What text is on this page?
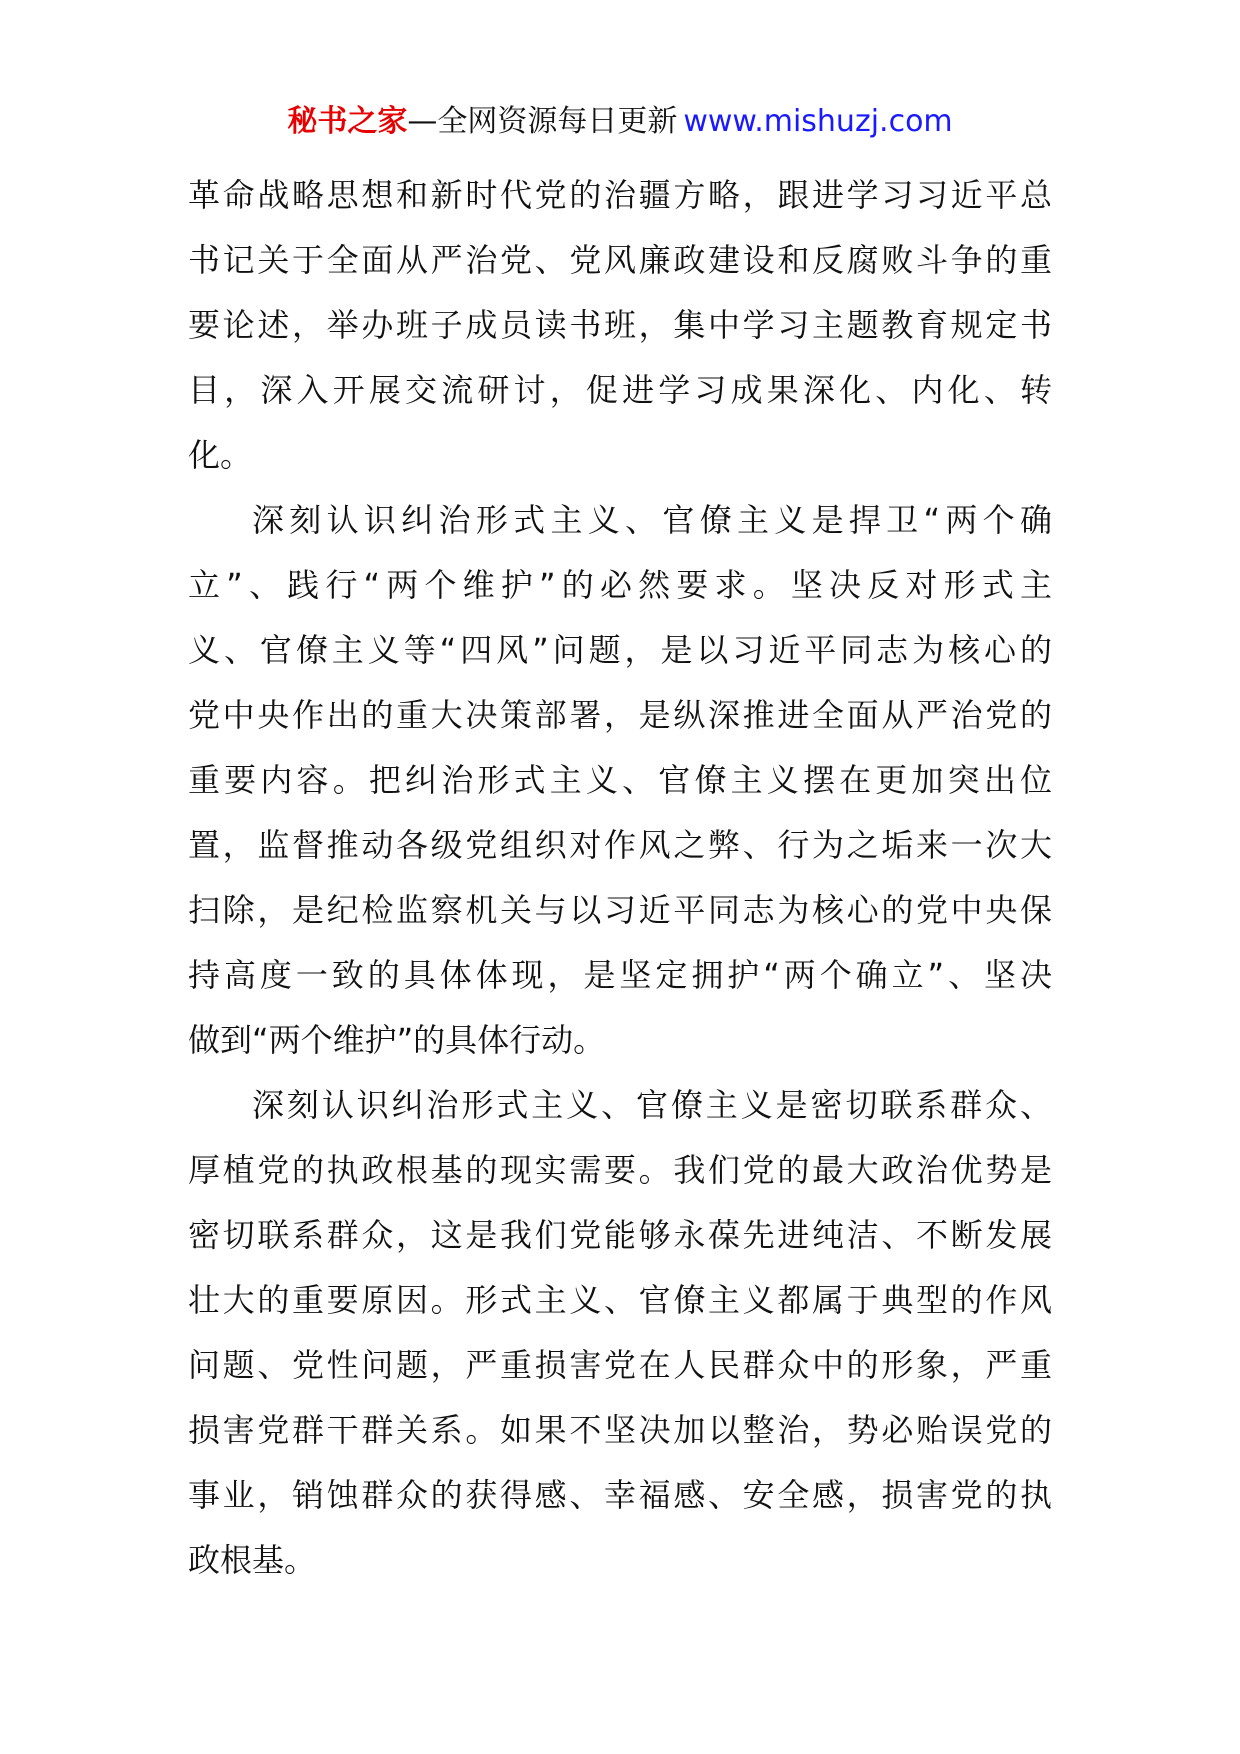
秘书之家—全网资源每日更新 www.mishuzj.com
革命战略思想和新时代党的治疆方略，跟进学习习近平总
书记关于全面从严治党、党风廉政建设和反腐败斗争的重
要论述，举办班子成员读书班，集中学习主题教育规定书
目，深入开展交流研讨，促进学习成果深化、内化、转
化。
深刻认识纠治形式主义、官僚主义是捍卫“两个确
立”、践行“两个维护”的必然要求。坚决反对形式主
义、官僚主义等“四风”问题，是以习近平同志为核心的
党中央作出的重大决策部署，是纵深推进全面从严治党的
重要内容。把纠治形式主义、官僚主义摆在更加突出位
置，监督推动各级党组织对作风之弊、行为之垢来一次大
扫除，是纪检监察机关与以习近平同志为核心的党中央保
持高度一致的具体体现，是坚定拥护“两个确立”、坚决
做到“两个维护”的具体行动。
深刻认识纠治形式主义、官僚主义是密切联系群众、
厚植党的执政根基的现实需要。我们党的最大政治优势是
密切联系群众，这是我们党能够永葆先进纯洁、不断发展
壮大的重要原因。形式主义、官僚主义都属于典型的作风
问题、党性问题，严重损害党在人民群众中的形象，严重
损害党群干群关系。如果不坚决加以整治，势必贻误党的
事业，销蚀群众的获得感、幸福感、安全感，损害党的执
政根基。
